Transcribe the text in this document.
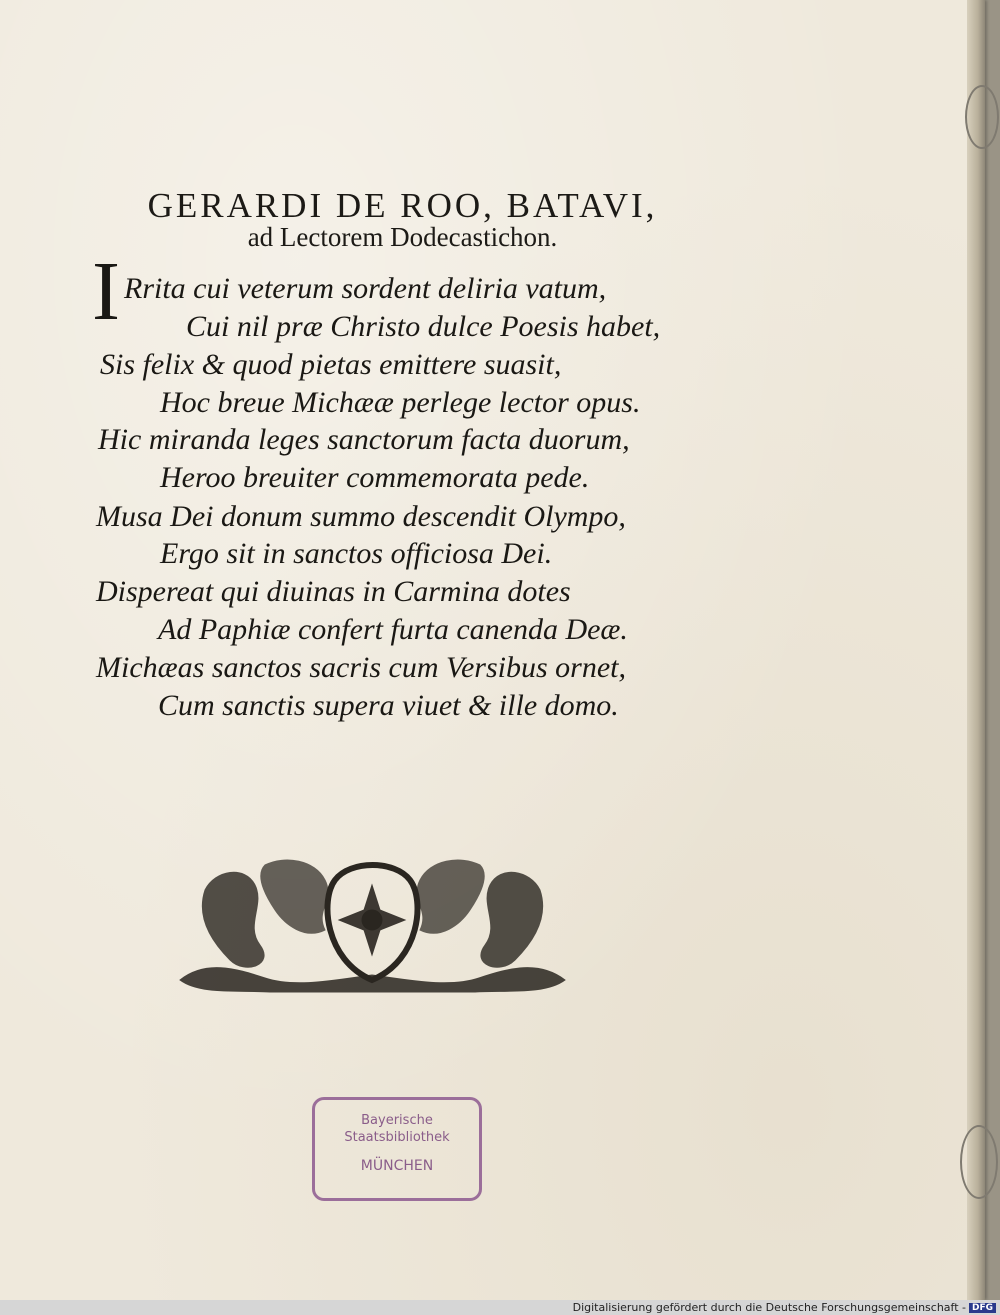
GERARDI DE ROO, BATAVI,
ad Lectorem Dodecastichon.
I Rrita cui veterum sordent deliria vatum,
Cui nil præ Christo dulce Poesis habet,
Sis felix & quod pietas emittere suasit,
Hoc breue Michææ perlege lector opus.
Hic miranda leges sanctorum facta duorum,
Heroo breuiter commemorata pede.
Musa Dei donum summo descendit Olympo,
Ergo sit in sanctos officiosa Dei.
Dispereat qui diuinas in Carmina dotes
Ad Paphiæ confert furta canenda Deæ.
Michæas sanctos sacris cum Versibus ornet,
Cum sanctis supera viuet & ille domo.
Bayerische
Staatsbibliothek
MÜNCHEN
Digitalisierung gefördert durch die Deutsche Forschungsgemeinschaft - DFG
